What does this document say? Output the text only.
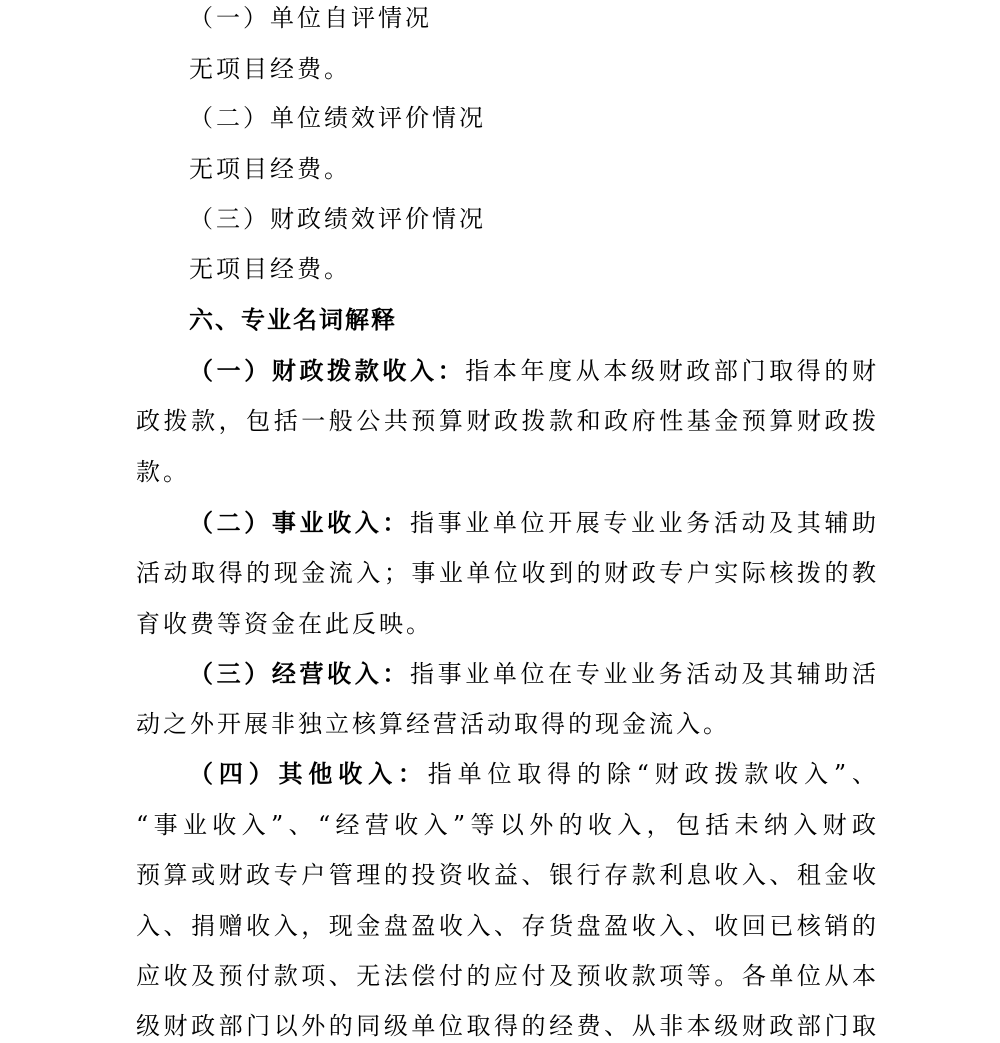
（一）单位自评情况
无项目经费。
（二）单位绩效评价情况
无项目经费。
（三）财政绩效评价情况
无项目经费。
六、专业名词解释
（一）财政拨款收入：指本年度从本级财政部门取得的财
政拨款，包括一般公共预算财政拨款和政府性基金预算财政拨
款。
（二）事业收入：指事业单位开展专业业务活动及其辅助
活动取得的现金流入；事业单位收到的财政专户实际核拨的教
育收费等资金在此反映。
（三）经营收入：指事业单位在专业业务活动及其辅助活
动之外开展非独立核算经营活动取得的现金流入。
（四）其他收入：指单位取得的除“财政拨款收入”、
“事业收入”、“经营收入”等以外的收入，包括未纳入财政
预算或财政专户管理的投资收益、银行存款利息收入、租金收
入、捐赠收入，现金盘盈收入、存货盘盈收入、收回已核销的
应收及预付款项、无法偿付的应付及预收款项等。各单位从本
级财政部门以外的同级单位取得的经费、从非本级财政部门取
